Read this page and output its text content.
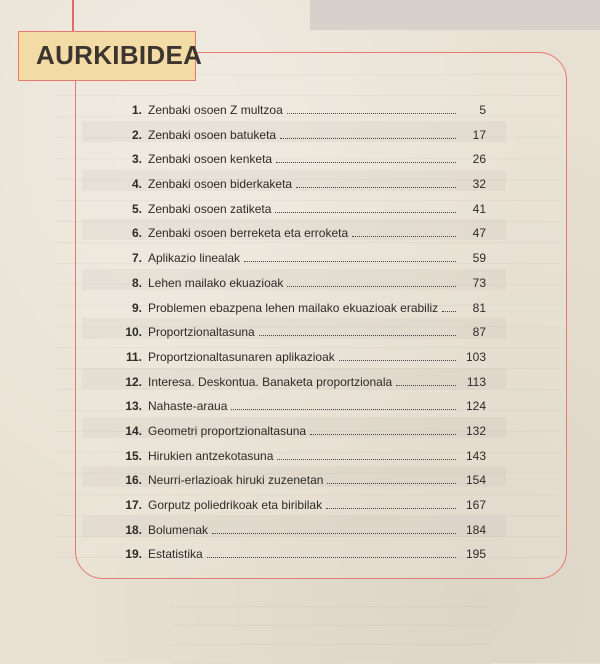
AURKIBIDEA
1. Zenbaki osoen Z multzoa	5
2. Zenbaki osoen batuketa	17
3. Zenbaki osoen kenketa	26
4. Zenbaki osoen biderkaketa	32
5. Zenbaki osoen zatiketa	41
6. Zenbaki osoen berreketa eta erroketa	47
7. Aplikazio linealak	59
8. Lehen mailako ekuazioak	73
9. Problemen ebazpena lehen mailako ekuazioak erabiliz	81
10. Proportzionaltasuna	87
11. Proportzionaltasunaren aplikazioak	103
12. Interesa. Deskontua. Banaketa proportzionala	113
13. Nahaste-araua	124
14. Geometri proportzionaltasuna	132
15. Hirukien antzekotasuna	143
16. Neurri-erlazioak hiruki zuzenetan	154
17. Gorputz poliedrikoak eta biribilak	167
18. Bolumenak	184
19. Estatistika	195
